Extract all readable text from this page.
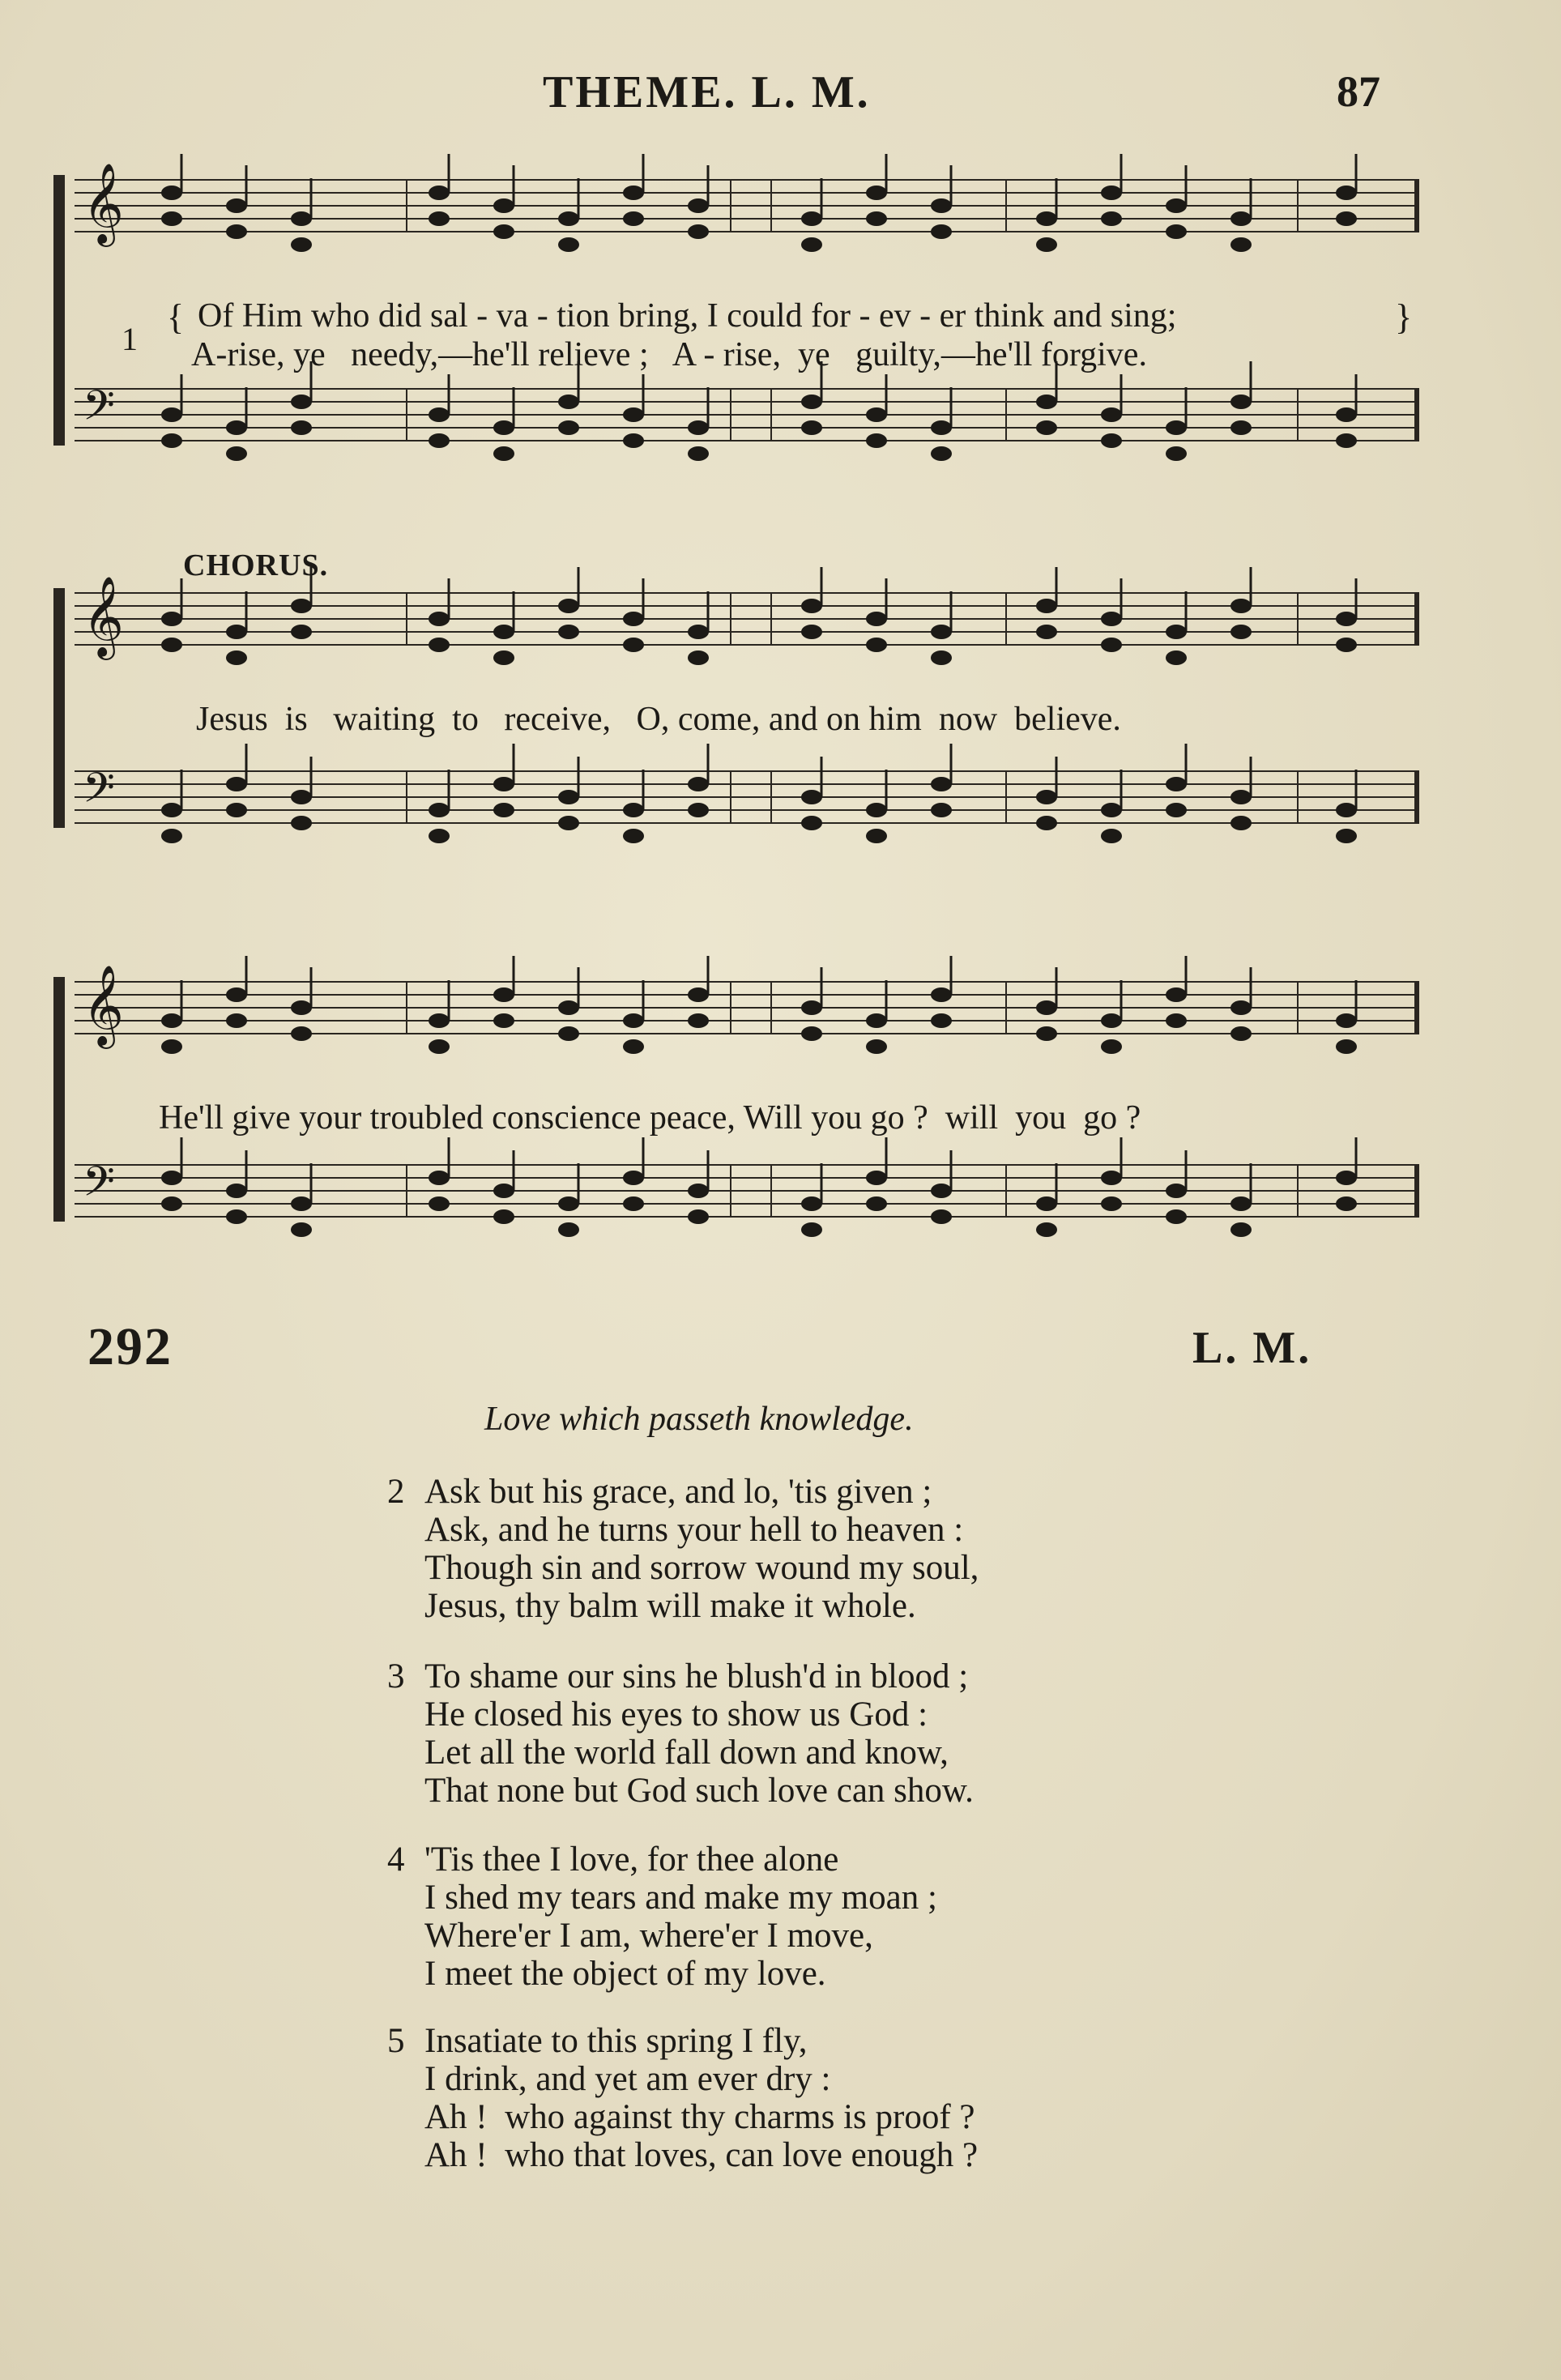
THEME. L. M.	87
𝄞
𝄢
1
{	}
Of Him who did sal - va - tion bring, I could for - ev - er think and sing;
A-rise, ye   needy,—he'll relieve ;   A - rise,  ye   guilty,—he'll forgive.
CHORUS.
𝄞
𝄢
Jesus  is   waiting  to   receive,   O, come, and on him  now  believe.
𝄞
𝄢
He'll give your troubled conscience peace, Will you go ?  will  you  go ?
292	L. M.
Love which passeth knowledge.
2 Ask but his grace, and lo, 'tis given ;
Ask, and he turns your hell to heaven :
Though sin and sorrow wound my soul,
Jesus, thy balm will make it whole.
3 To shame our sins he blush'd in blood ;
He closed his eyes to show us God :
Let all the world fall down and know,
That none but God such love can show.
4 'Tis thee I love, for thee alone
I shed my tears and make my moan ;
Where'er I am, where'er I move,
I meet the object of my love.
5 Insatiate to this spring I fly,
I drink, and yet am ever dry :
Ah !  who against thy charms is proof ?
Ah !  who that loves, can love enough ?
